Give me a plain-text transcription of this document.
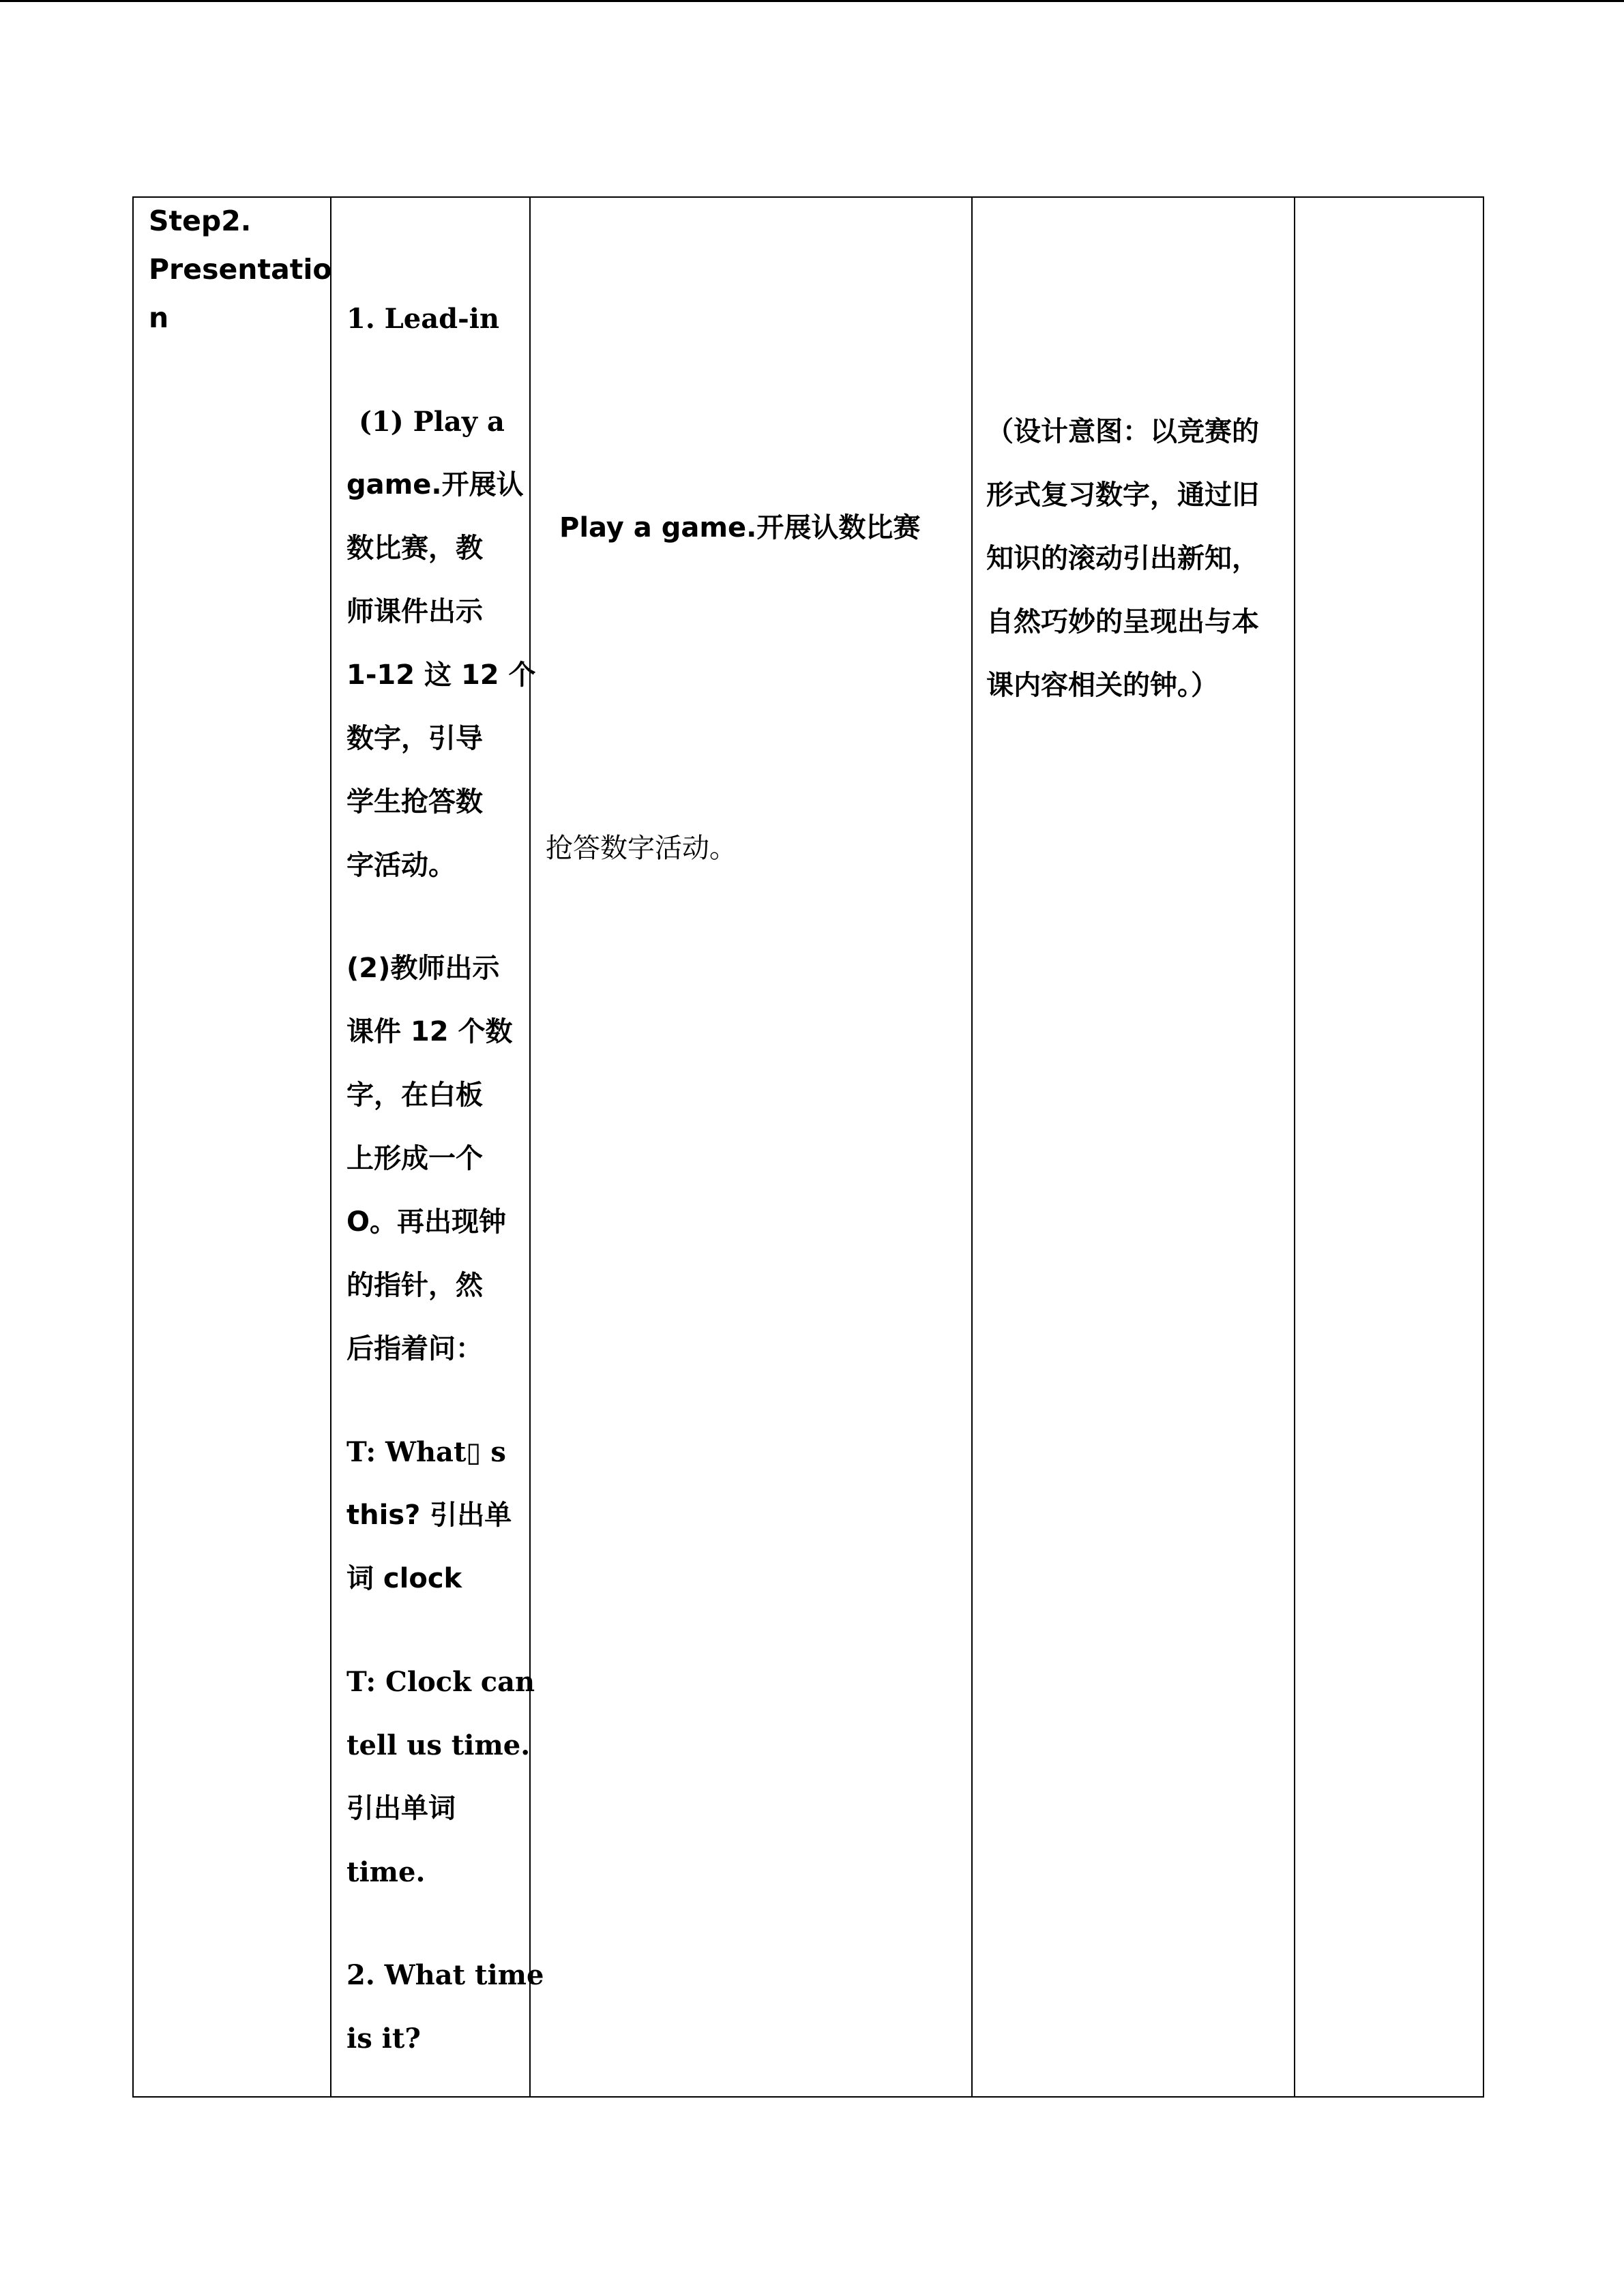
Step2.
Presentatio
n	1. Lead-in
(1) Play a
game.开展认
数比赛，教
师课件出示
1-12 这 12 个
数字，引导
学生抢答数
字活动。
(2)教师出示
课件 12 个数
字，在白板
上形成一个
O。再出现钟
的指针，然
后指着问：
T: What▯ s
this? 引出单
词 clock
T: Clock can
tell us time.
引出单词
time.
2. What time
is it?
Play a game.开展认数比赛
抢答数字活动。
（设计意图：以竞赛的
形式复习数字，通过旧
知识的滚动引出新知，
自然巧妙的呈现出与本
课内容相关的钟。）
